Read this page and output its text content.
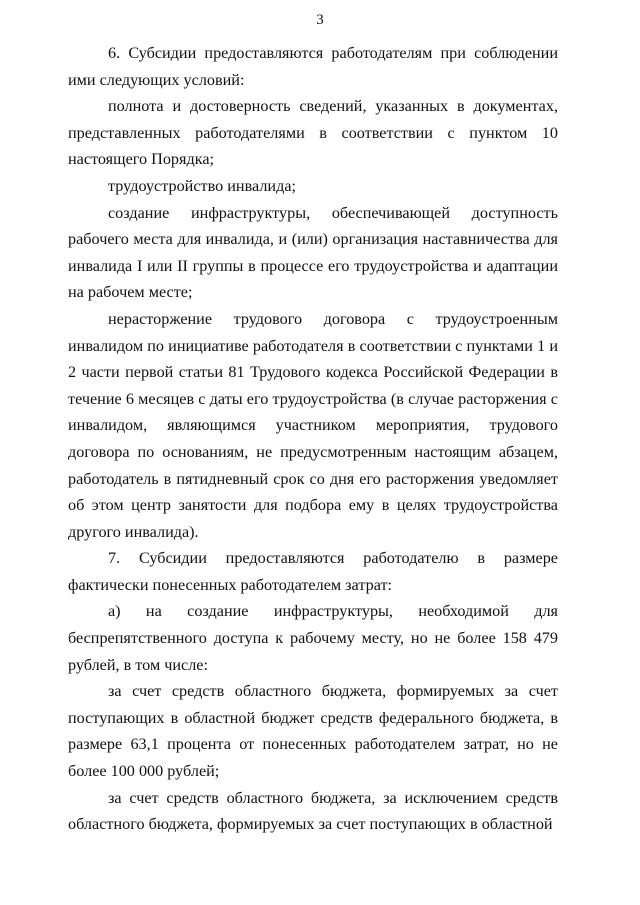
3

6. Субсидии предоставляются работодателям при соблюдении ими следующих условий:

полнота и достоверность сведений, указанных в документах, представленных работодателями в соответствии с пунктом 10 настоящего Порядка;

трудоустройство инвалида;

создание инфраструктуры, обеспечивающей доступность рабочего места для инвалида, и (или) организация наставничества для инвалида I или II группы в процессе его трудоустройства и адаптации на рабочем месте;

нерасторжение трудового договора с трудоустроенным инвалидом по инициативе работодателя в соответствии с пунктами 1 и 2 части первой статьи 81 Трудового кодекса Российской Федерации в течение 6 месяцев с даты его трудоустройства (в случае расторжения с инвалидом, являющимся участником мероприятия, трудового договора по основаниям, не предусмотренным настоящим абзацем, работодатель в пятидневный срок со дня его расторжения уведомляет об этом центр занятости для подбора ему в целях трудоустройства другого инвалида).

7. Субсидии предоставляются работодателю в размере фактически понесенных работодателем затрат:

а) на создание инфраструктуры, необходимой для беспрепятственного доступа к рабочему месту, но не более 158 479 рублей, в том числе:

за счет средств областного бюджета, формируемых за счет поступающих в областной бюджет средств федерального бюджета, в размере 63,1 процента от понесенных работодателем затрат, но не более 100 000 рублей;

за счет средств областного бюджета, за исключением средств областного бюджета, формируемых за счет поступающих в областной
